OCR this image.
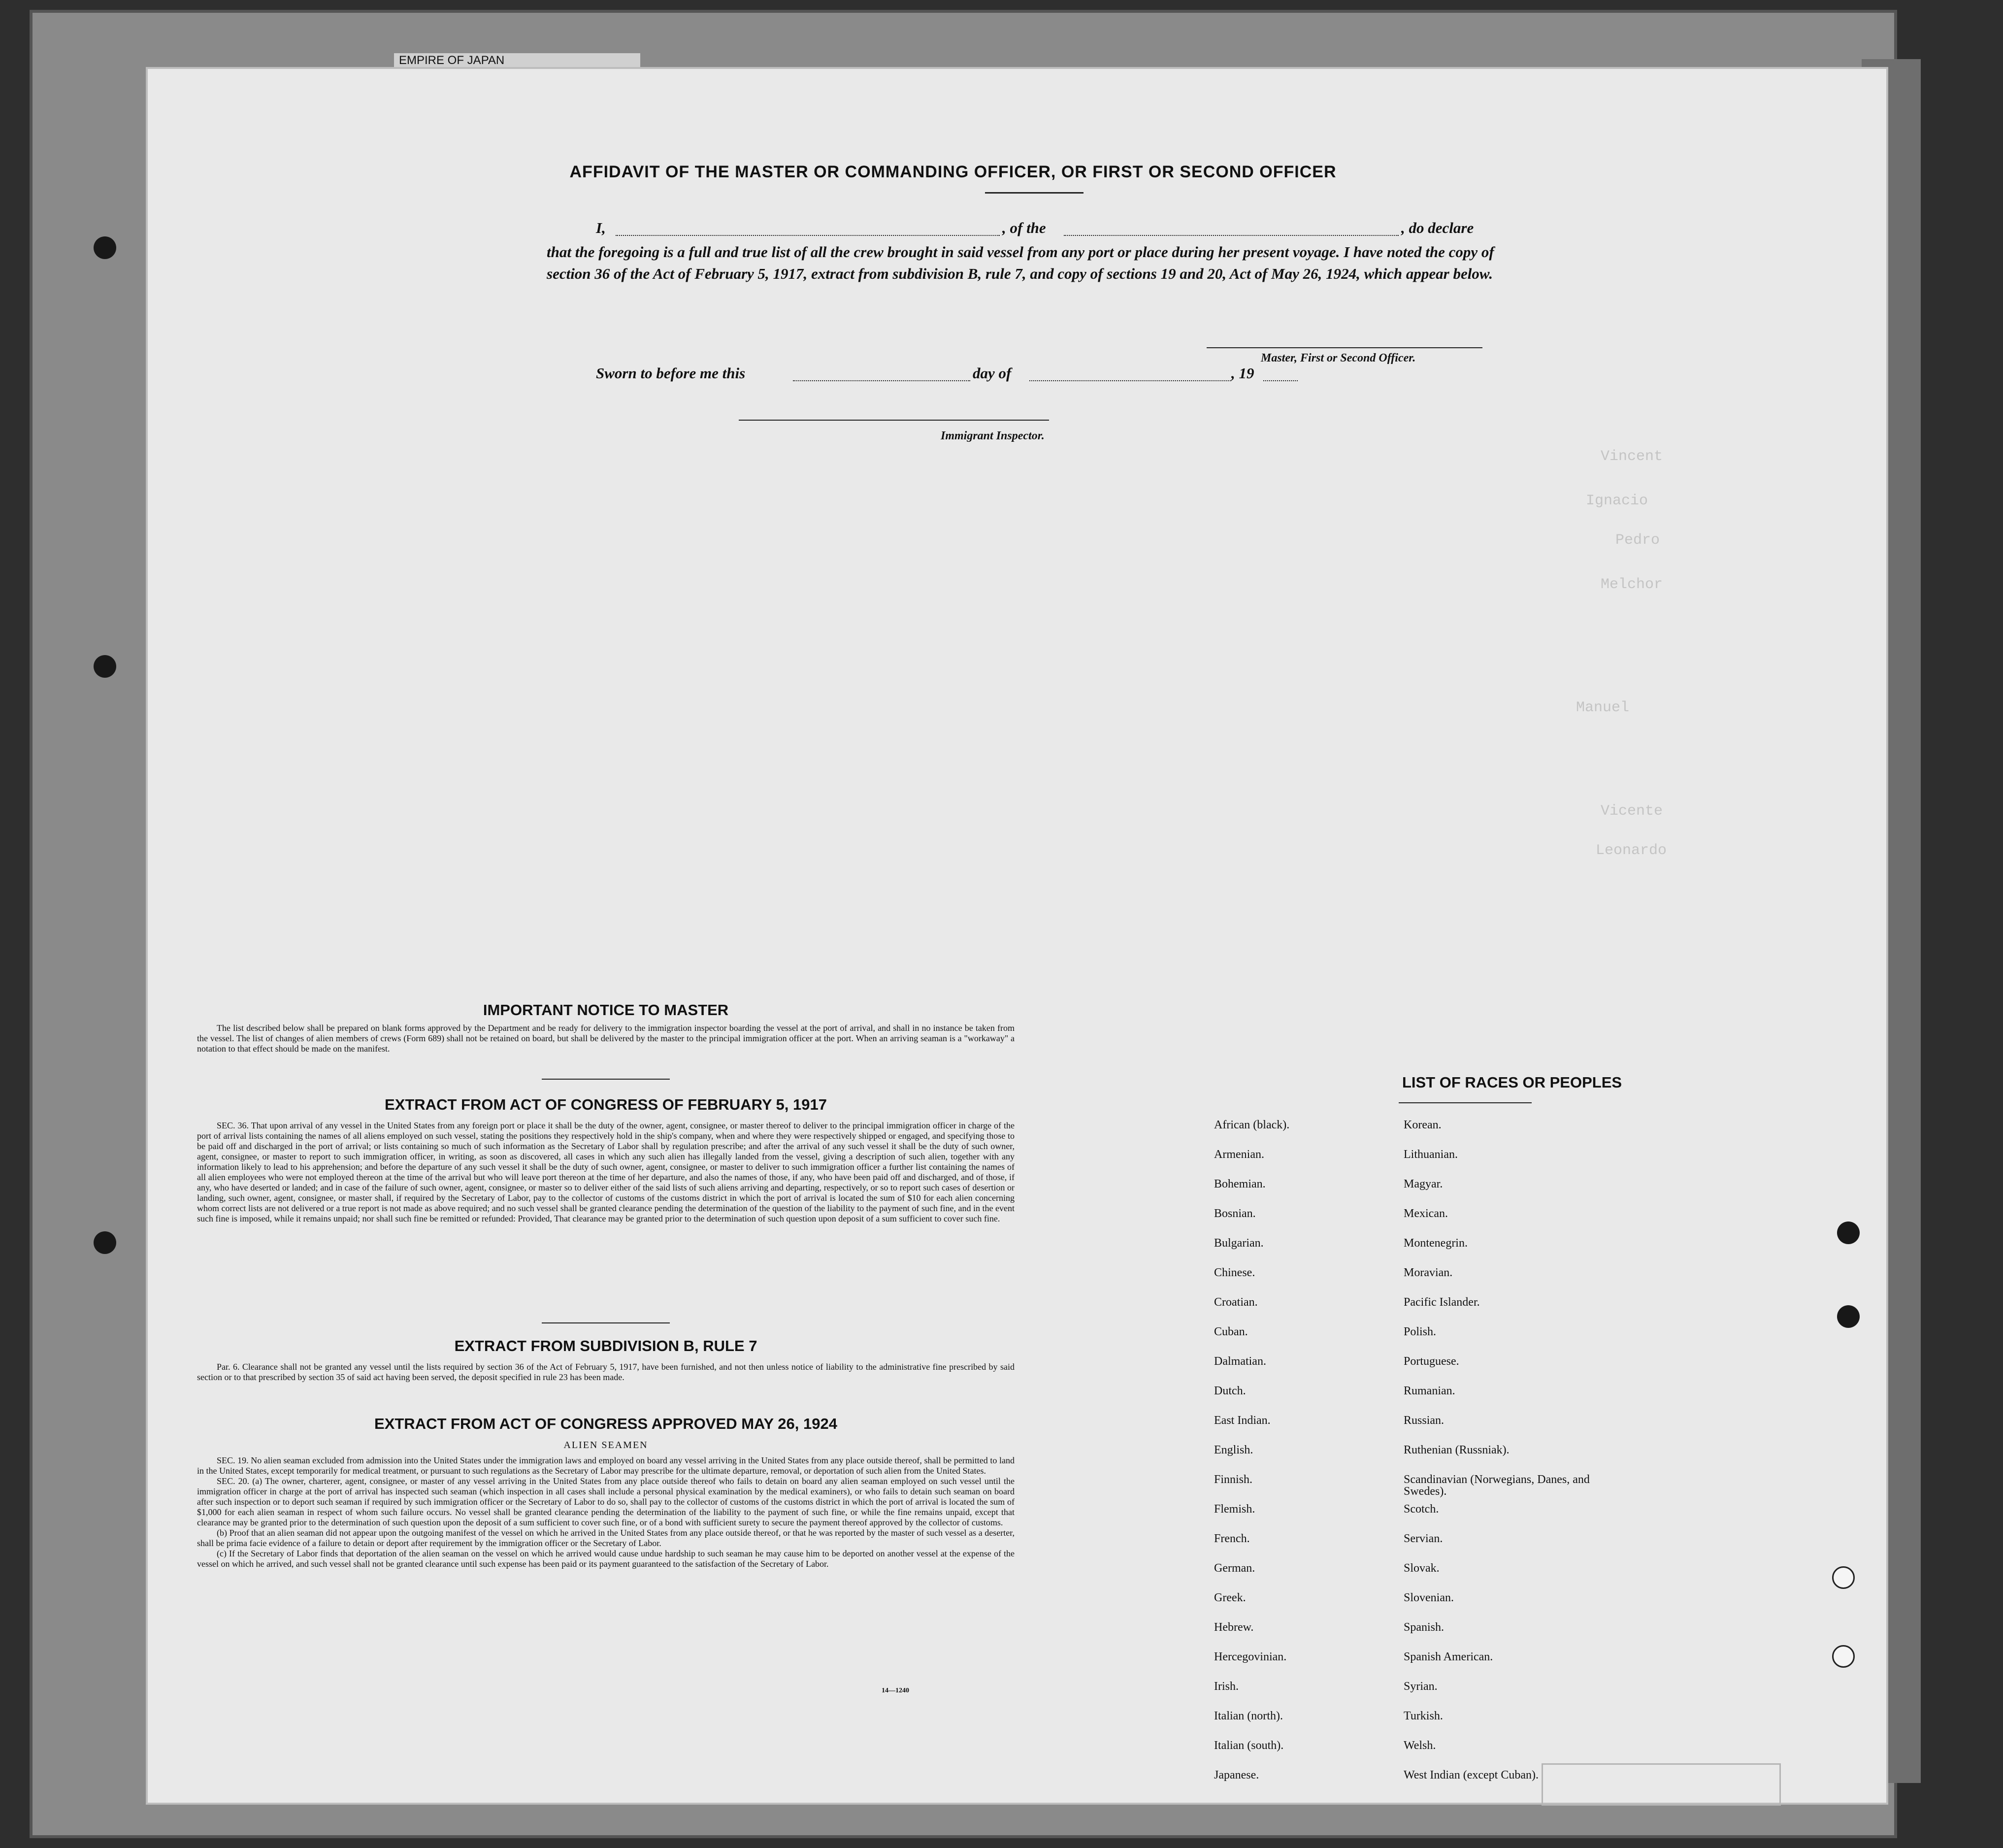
EMPIRE OF JAPAN
Vincent
Ignacio
Pedro
Melchor
Manuel
Vicente
Leonardo
AFFIDAVIT OF THE MASTER OR COMMANDING OFFICER, OR FIRST OR SECOND OFFICER
I,	, of the	, do declare
that the foregoing is a full and true list of all the crew brought in said vessel from any port or place during her present voyage. I have noted the copy of section 36 of the Act of February 5, 1917, extract from subdivision B, rule 7, and copy of sections 19 and 20, Act of May 26, 1924, which appear below.
Master, First or Second Officer.
Sworn to before me this	day of	, 19
Immigrant Inspector.
IMPORTANT NOTICE TO MASTER

The list described below shall be prepared on blank forms approved by the Department and be ready for delivery to the immigration inspector boarding the vessel at the port of arrival, and shall in no instance be taken from the vessel. The list of changes of alien members of crews (Form 689) shall not be retained on board, but shall be delivered by the master to the principal immigration officer at the port. When an arriving seaman is a "workaway" a notation to that effect should be made on the manifest.

EXTRACT FROM ACT OF CONGRESS OF FEBRUARY 5, 1917

SEC. 36. That upon arrival of any vessel in the United States from any foreign port or place it shall be the duty of the owner, agent, consignee, or master thereof to deliver to the principal immigration officer in charge of the port of arrival lists containing the names of all aliens employed on such vessel, stating the positions they respectively hold in the ship's company, when and where they were respectively shipped or engaged, and specifying those to be paid off and discharged in the port of arrival; or lists containing so much of such information as the Secretary of Labor shall by regulation prescribe; and after the arrival of any such vessel it shall be the duty of such owner, agent, consignee, or master to report to such immigration officer, in writing, as soon as discovered, all cases in which any such alien has illegally landed from the vessel, giving a description of such alien, together with any information likely to lead to his apprehension; and before the departure of any such vessel it shall be the duty of such owner, agent, consignee, or master to deliver to such immigration officer a further list containing the names of all alien employees who were not employed thereon at the time of the arrival but who will leave port thereon at the time of her departure, and also the names of those, if any, who have been paid off and discharged, and of those, if any, who have deserted or landed; and in case of the failure of such owner, agent, consignee, or master so to deliver either of the said lists of such aliens arriving and departing, respectively, or so to report such cases of desertion or landing, such owner, agent, consignee, or master shall, if required by the Secretary of Labor, pay to the collector of customs of the customs district in which the port of arrival is located the sum of $10 for each alien concerning whom correct lists are not delivered or a true report is not made as above required; and no such vessel shall be granted clearance pending the determination of the question of the liability to the payment of such fine, and in the event such fine is imposed, while it remains unpaid; nor shall such fine be remitted or refunded: Provided, That clearance may be granted prior to the determination of such question upon deposit of a sum sufficient to cover such fine.

EXTRACT FROM SUBDIVISION B, RULE 7

Par. 6. Clearance shall not be granted any vessel until the lists required by section 36 of the Act of February 5, 1917, have been furnished, and not then unless notice of liability to the administrative fine prescribed by said section or to that prescribed by section 35 of said act having been served, the deposit specified in rule 23 has been made.

EXTRACT FROM ACT OF CONGRESS APPROVED MAY 26, 1924
ALIEN SEAMEN

SEC. 19. No alien seaman excluded from admission into the United States under the immigration laws and employed on board any vessel arriving in the United States from any place outside thereof, shall be permitted to land in the United States, except temporarily for medical treatment, or pursuant to such regulations as the Secretary of Labor may prescribe for the ultimate departure, removal, or deportation of such alien from the United States.

SEC. 20. (a) The owner, charterer, agent, consignee, or master of any vessel arriving in the United States from any place outside thereof who fails to detain on board any alien seaman employed on such vessel until the immigration officer in charge at the port of arrival has inspected such seaman (which inspection in all cases shall include a personal physical examination by the medical examiners), or who fails to detain such seaman on board after such inspection or to deport such seaman if required by such immigration officer or the Secretary of Labor to do so, shall pay to the collector of customs of the customs district in which the port of arrival is located the sum of $1,000 for each alien seaman in respect of whom such failure occurs. No vessel shall be granted clearance pending the determination of the liability to the payment of such fine, or while the fine remains unpaid, except that clearance may be granted prior to the determination of such question upon the deposit of a sum sufficient to cover such fine, or of a bond with sufficient surety to secure the payment thereof approved by the collector of customs.

(b) Proof that an alien seaman did not appear upon the outgoing manifest of the vessel on which he arrived in the United States from any place outside thereof, or that he was reported by the master of such vessel as a deserter, shall be prima facie evidence of a failure to detain or deport after requirement by the immigration officer or the Secretary of Labor.

(c) If the Secretary of Labor finds that deportation of the alien seaman on the vessel on which he arrived would cause undue hardship to such seaman he may cause him to be deported on another vessel at the expense of the vessel on which he arrived, and such vessel shall not be granted clearance until such expense has been paid or its payment guaranteed to the satisfaction of the Secretary of Labor.

14—1240
LIST OF RACES OR PEOPLES
African (black).
Armenian.
Bohemian.
Bosnian.
Bulgarian.
Chinese.
Croatian.
Cuban.
Dalmatian.
Dutch.
East Indian.
English.
Finnish.
Flemish.
French.
German.
Greek.
Hebrew.
Hercegovinian.
Irish.
Italian (north).
Italian (south).
Japanese.
Korean.
Lithuanian.
Magyar.
Mexican.
Montenegrin.
Moravian.
Pacific Islander.
Polish.
Portuguese.
Rumanian.
Russian.
Ruthenian (Russniak).
Scandinavian (Norwegians, Danes, and Swedes).
Scotch.
Servian.
Slovak.
Slovenian.
Spanish.
Spanish American.
Syrian.
Turkish.
Welsh.
West Indian (except Cuban).
